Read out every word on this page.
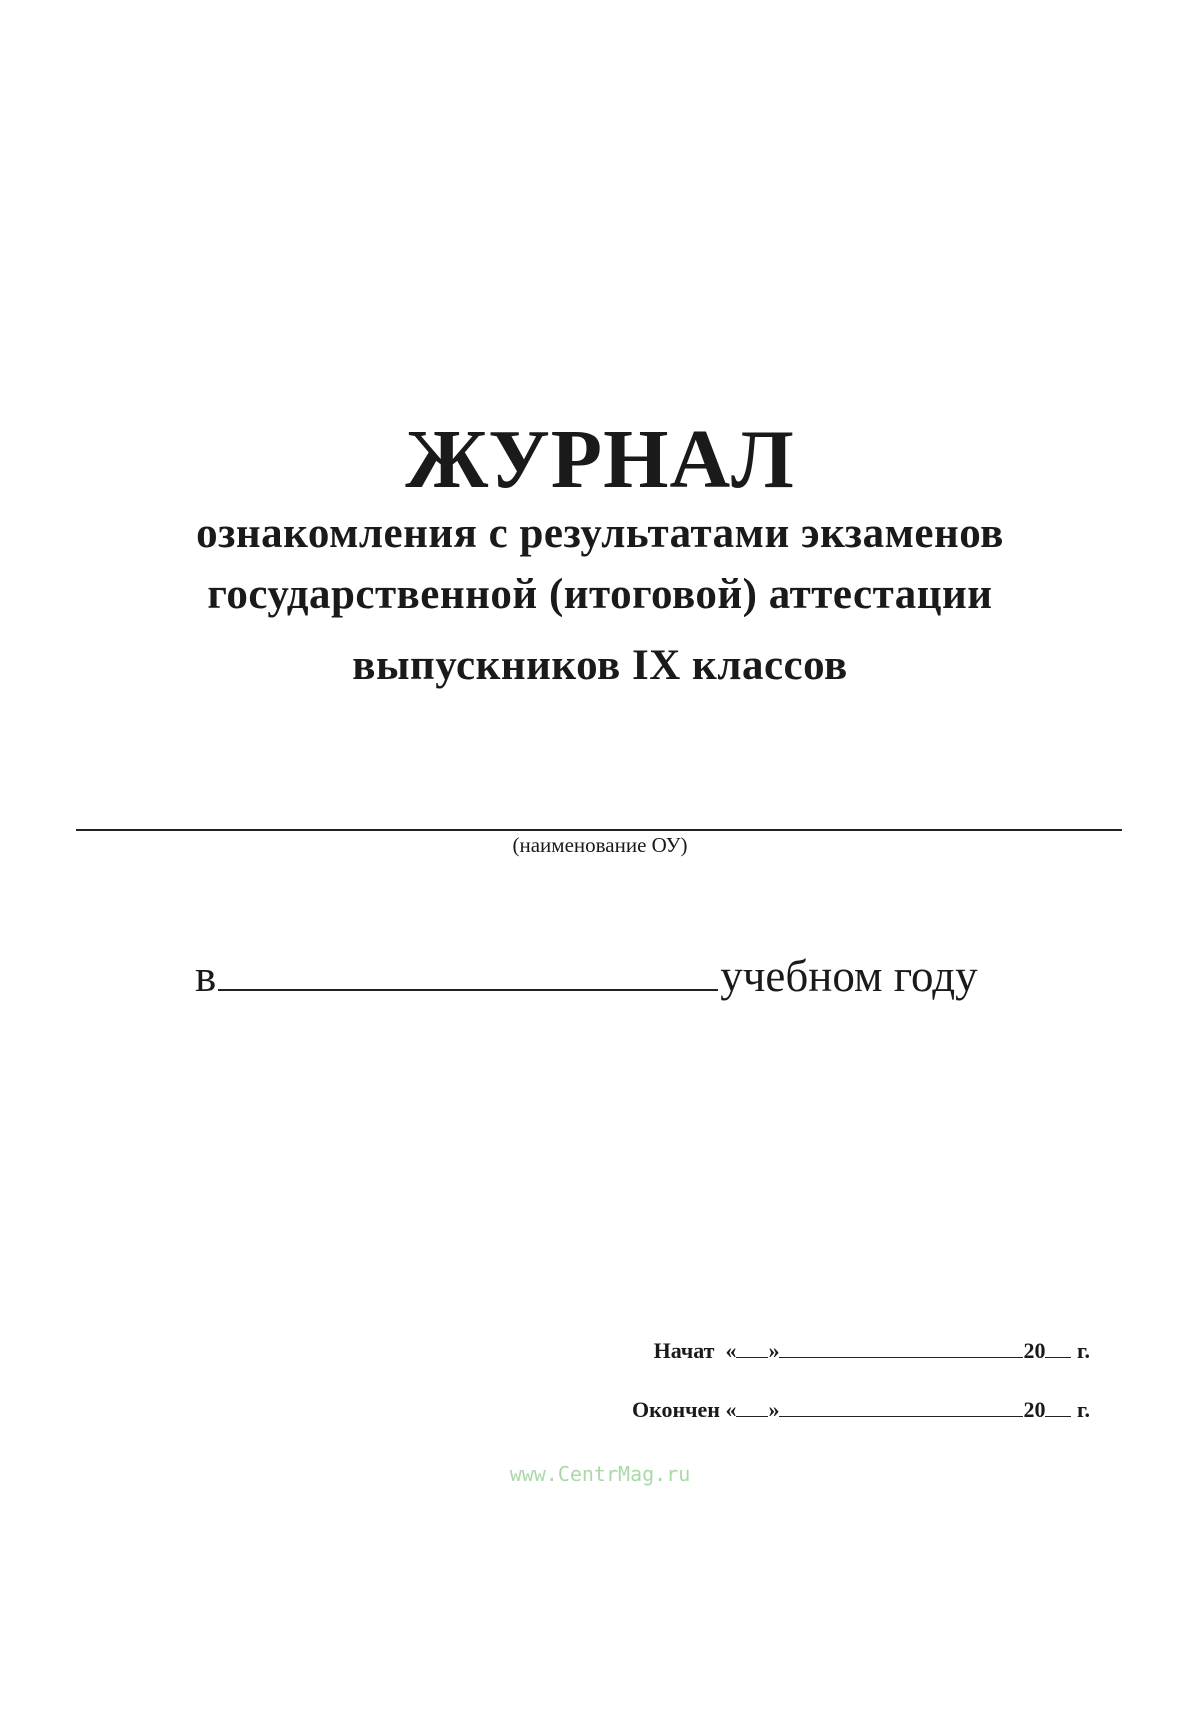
ЖУРНАЛ
ознакомления с результатами экзаменов
государственной (итоговой) аттестации
выпускников IX классов
(наименование ОУ)
в	учебном году
Начат « »	20 г.
Окончен « »	20 г.
www.CentrMag.ru
